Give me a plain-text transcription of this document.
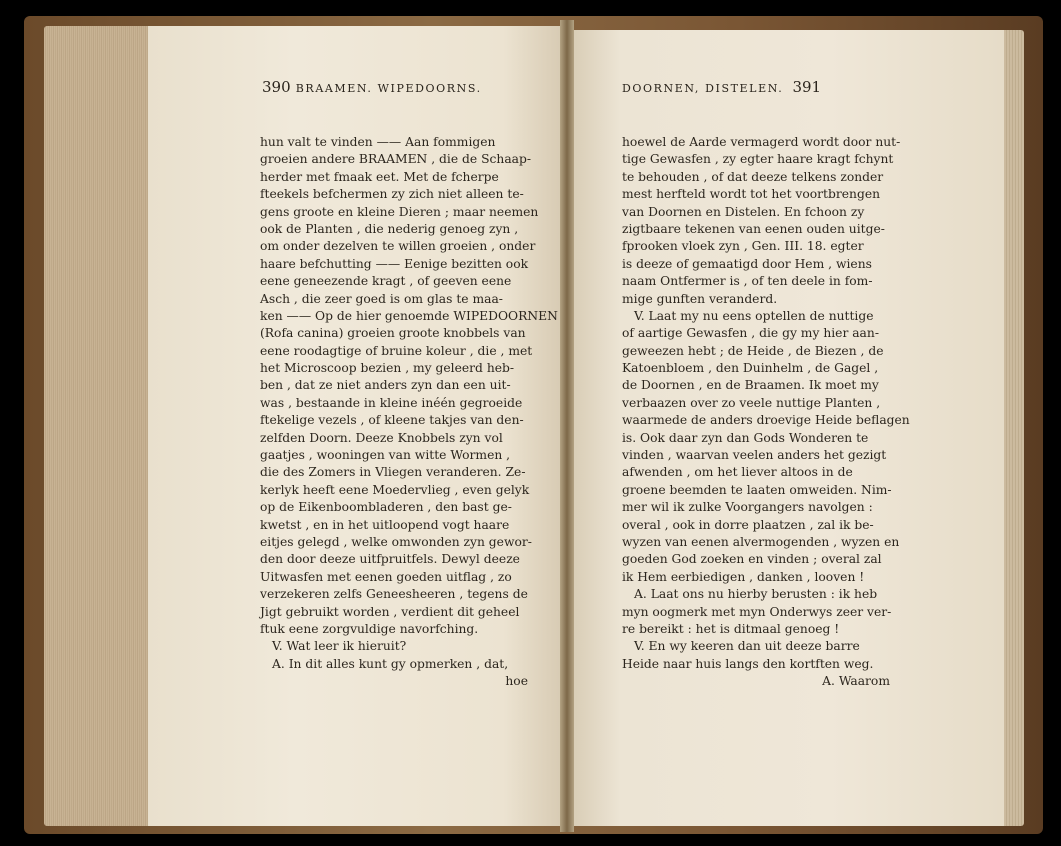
390 BRAAMEN. WIPEDOORNS.	DOORNEN, DISTELEN. 391
hun valt te vinden —— Aan fommigen
groeien andere BRAAMEN , die de Schaap-
herder met fmaak eet. Met de fcherpe
fteekels befchermen zy zich niet alleen te-
gens groote en kleine Dieren ; maar neemen
ook de Planten , die nederig genoeg zyn ,
om onder dezelven te willen groeien , onder
haare befchutting —— Eenige bezitten ook
eene geneezende kragt , of geeven eene
Asch , die zeer goed is om glas te maa-
ken —— Op de hier genoemde WIPEDOORNEN
(Rofa canina) groeien groote knobbels van
eene roodagtige of bruine koleur , die , met
het Microscoop bezien , my geleerd heb-
ben , dat ze niet anders zyn dan een uit-
was , bestaande in kleine inéén gegroeide
ftekelige vezels , of kleene takjes van den-
zelfden Doorn. Deeze Knobbels zyn vol
gaatjes , wooningen van witte Wormen ,
die des Zomers in Vliegen veranderen. Ze-
kerlyk heeft eene Moedervlieg , even gelyk
op de Eikenboombladeren , den bast ge-
kwetst , en in het uitloopend vogt haare
eitjes gelegd , welke omwonden zyn gewor-
den door deeze uitfpruitfels. Dewyl deeze
Uitwasfen met eenen goeden uitflag , zo
verzekeren zelfs Geneesheeren , tegens de
Jigt gebruikt worden , verdient dit geheel
ftuk eene zorgvuldige navorfching.
V. Wat leer ik hieruit?
A. In dit alles kunt gy opmerken , dat,
hoe
hoewel de Aarde vermagerd wordt door nut-
tige Gewasfen , zy egter haare kragt fchynt
te behouden , of dat deeze telkens zonder
mest herfteld wordt tot het voortbrengen
van Doornen en Distelen. En fchoon zy
zigtbaare tekenen van eenen ouden uitge-
fprooken vloek zyn , Gen. III. 18. egter
is deeze of gemaatigd door Hem , wiens
naam Ontfermer is , of ten deele in fom-
mige gunften veranderd.
V. Laat my nu eens optellen de nuttige
of aartige Gewasfen , die gy my hier aan-
geweezen hebt ; de Heide , de Biezen , de
Katoenbloem , den Duinhelm , de Gagel ,
de Doornen , en de Braamen. Ik moet my
verbaazen over zo veele nuttige Planten ,
waarmede de anders droevige Heide beflagen
is. Ook daar zyn dan Gods Wonderen te
vinden , waarvan veelen anders het gezigt
afwenden , om het liever altoos in de
groene beemden te laaten omweiden. Nim-
mer wil ik zulke Voorgangers navolgen :
overal , ook in dorre plaatzen , zal ik be-
wyzen van eenen alvermogenden , wyzen en
goeden God zoeken en vinden ; overal zal
ik Hem eerbiedigen , danken , looven !
A. Laat ons nu hierby berusten : ik heb
myn oogmerk met myn Onderwys zeer ver-
re bereikt : het is ditmaal genoeg !
V. En wy keeren dan uit deeze barre
Heide naar huis langs den kortften weg.
A. Waarom
